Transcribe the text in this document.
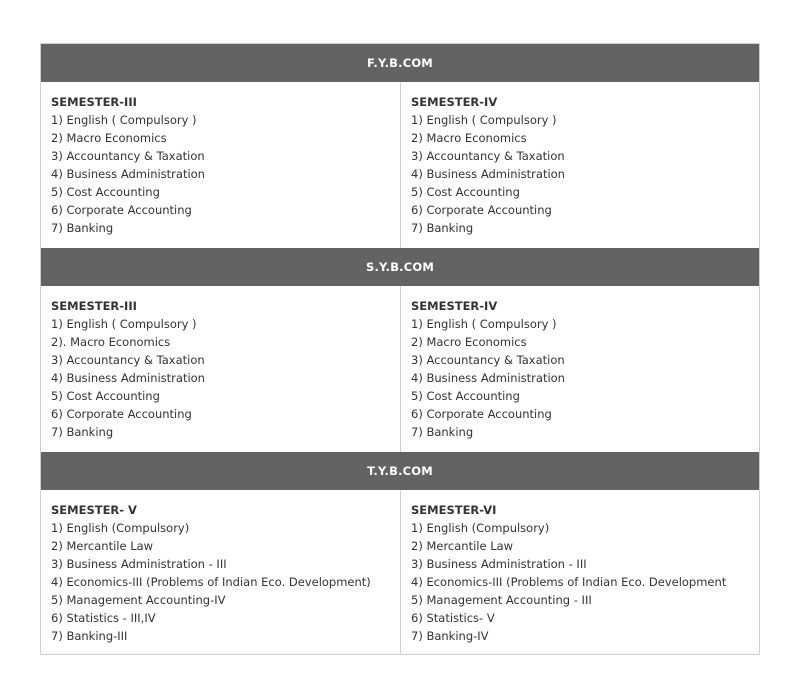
F.Y.B.COM
SEMESTER-III
1) English ( Compulsory )
2) Macro Economics
3) Accountancy & Taxation
4) Business Administration
5) Cost Accounting
6) Corporate Accounting
7) Banking
SEMESTER-IV
1) English ( Compulsory )
2) Macro Economics
3) Accountancy & Taxation
4) Business Administration
5) Cost Accounting
6) Corporate Accounting
7) Banking
S.Y.B.COM
SEMESTER-III
1) English ( Compulsory )
2). Macro Economics
3) Accountancy & Taxation
4) Business Administration
5) Cost Accounting
6) Corporate Accounting
7) Banking
SEMESTER-IV
1) English ( Compulsory )
2) Macro Economics
3) Accountancy & Taxation
4) Business Administration
5) Cost Accounting
6) Corporate Accounting
7) Banking
T.Y.B.COM
SEMESTER- V
1) English (Compulsory)
2) Mercantile Law
3) Business Administration - III
4) Economics-III (Problems of Indian Eco. Development)
5) Management Accounting-IV
6) Statistics - III,IV
7) Banking-III
SEMESTER-VI
1) English (Compulsory)
2) Mercantile Law
3) Business Administration - III
4) Economics-III (Problems of Indian Eco. Development
5) Management Accounting - III
6) Statistics- V
7) Banking-IV
